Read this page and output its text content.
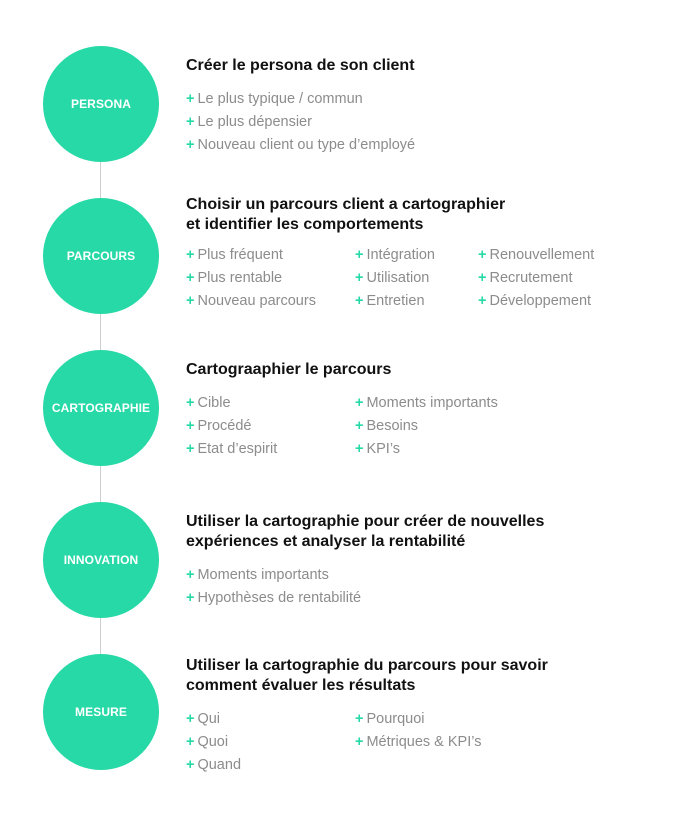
PERSONA
Créer le persona de son client
+ Le plus typique / commun
+ Le plus dépensier
+ Nouveau client ou type d’employé
PARCOURS
Choisir un parcours client a cartographier
et identifier les comportements
+ Plus fréquent
+ Plus rentable
+ Nouveau parcours
+ Intégration
+ Utilisation
+ Entretien
+ Renouvellement
+ Recrutement
+ Développement
CARTOGRAPHIE
Cartograaphier le parcours
+ Cible
+ Procédé
+ Etat d’espirit
+ Moments importants
+ Besoins
+ KPI’s
INNOVATION
Utiliser la cartographie pour créer de nouvelles
expériences et analyser la rentabilité
+ Moments importants
+ Hypothèses de rentabilité
MESURE
Utiliser la cartographie du parcours pour savoir
comment évaluer les résultats
+ Qui
+ Quoi
+ Quand
+ Pourquoi
+ Métriques & KPI’s
